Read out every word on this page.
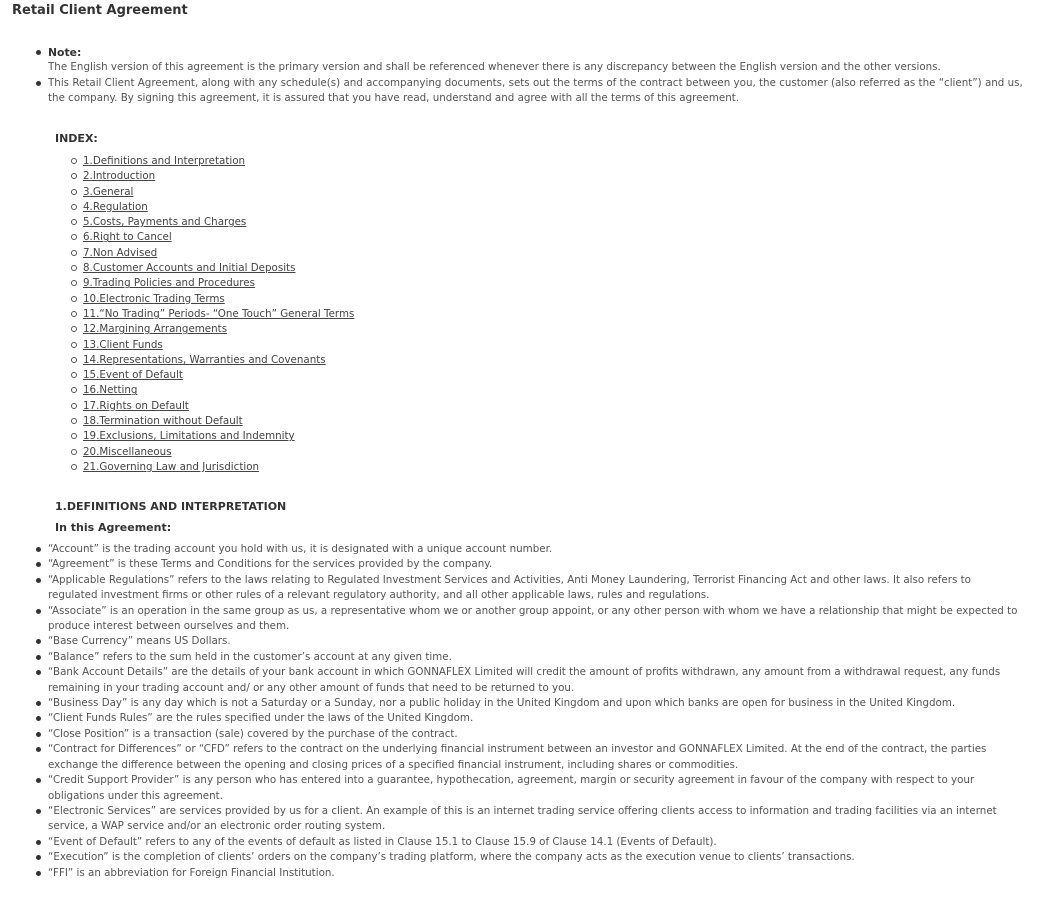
Retail Client Agreement
Note:
The English version of this agreement is the primary version and shall be referenced whenever there is any discrepancy between the English version and the other versions.
This Retail Client Agreement, along with any schedule(s) and accompanying documents, sets out the terms of the contract between you, the customer (also referred as the “client”) and us, the company. By signing this agreement, it is assured that you have read, understand and agree with all the terms of this agreement.
INDEX:
1.Definitions and Interpretation
2.Introduction
3.General
4.Regulation
5.Costs, Payments and Charges
6.Right to Cancel
7.Non Advised
8.Customer Accounts and Initial Deposits
9.Trading Policies and Procedures
10.Electronic Trading Terms
11.“No Trading” Periods- “One Touch” General Terms
12.Margining Arrangements
13.Client Funds
14.Representations, Warranties and Covenants
15.Event of Default
16.Netting
17.Rights on Default
18.Termination without Default
19.Exclusions, Limitations and Indemnity
20.Miscellaneous
21.Governing Law and Jurisdiction
1.DEFINITIONS AND INTERPRETATION
In this Agreement:
“Account” is the trading account you hold with us, it is designated with a unique account number.
“Agreement” is these Terms and Conditions for the services provided by the company.
“Applicable Regulations” refers to the laws relating to Regulated Investment Services and Activities, Anti Money Laundering, Terrorist Financing Act and other laws. It also refers to regulated investment firms or other rules of a relevant regulatory authority, and all other applicable laws, rules and regulations.
“Associate” is an operation in the same group as us, a representative whom we or another group appoint, or any other person with whom we have a relationship that might be expected to produce interest between ourselves and them.
“Base Currency” means US Dollars.
“Balance” refers to the sum held in the customer’s account at any given time.
“Bank Account Details” are the details of your bank account in which GONNAFLEX Limited will credit the amount of profits withdrawn, any amount from a withdrawal request, any funds remaining in your trading account and/ or any other amount of funds that need to be returned to you.
“Business Day” is any day which is not a Saturday or a Sunday, nor a public holiday in the United Kingdom and upon which banks are open for business in the United Kingdom.
“Client Funds Rules” are the rules specified under the laws of the United Kingdom.
“Close Position” is a transaction (sale) covered by the purchase of the contract.
“Contract for Differences” or “CFD” refers to the contract on the underlying financial instrument between an investor and GONNAFLEX Limited. At the end of the contract, the parties exchange the difference between the opening and closing prices of a specified financial instrument, including shares or commodities.
“Credit Support Provider” is any person who has entered into a guarantee, hypothecation, agreement, margin or security agreement in favour of the company with respect to your obligations under this agreement.
“Electronic Services” are services provided by us for a client. An example of this is an internet trading service offering clients access to information and trading facilities via an internet service, a WAP service and/or an electronic order routing system.
“Event of Default” refers to any of the events of default as listed in Clause 15.1 to Clause 15.9 of Clause 14.1 (Events of Default).
“Execution” is the completion of clients’ orders on the company’s trading platform, where the company acts as the execution venue to clients’ transactions.
“FFI” is an abbreviation for Foreign Financial Institution.
